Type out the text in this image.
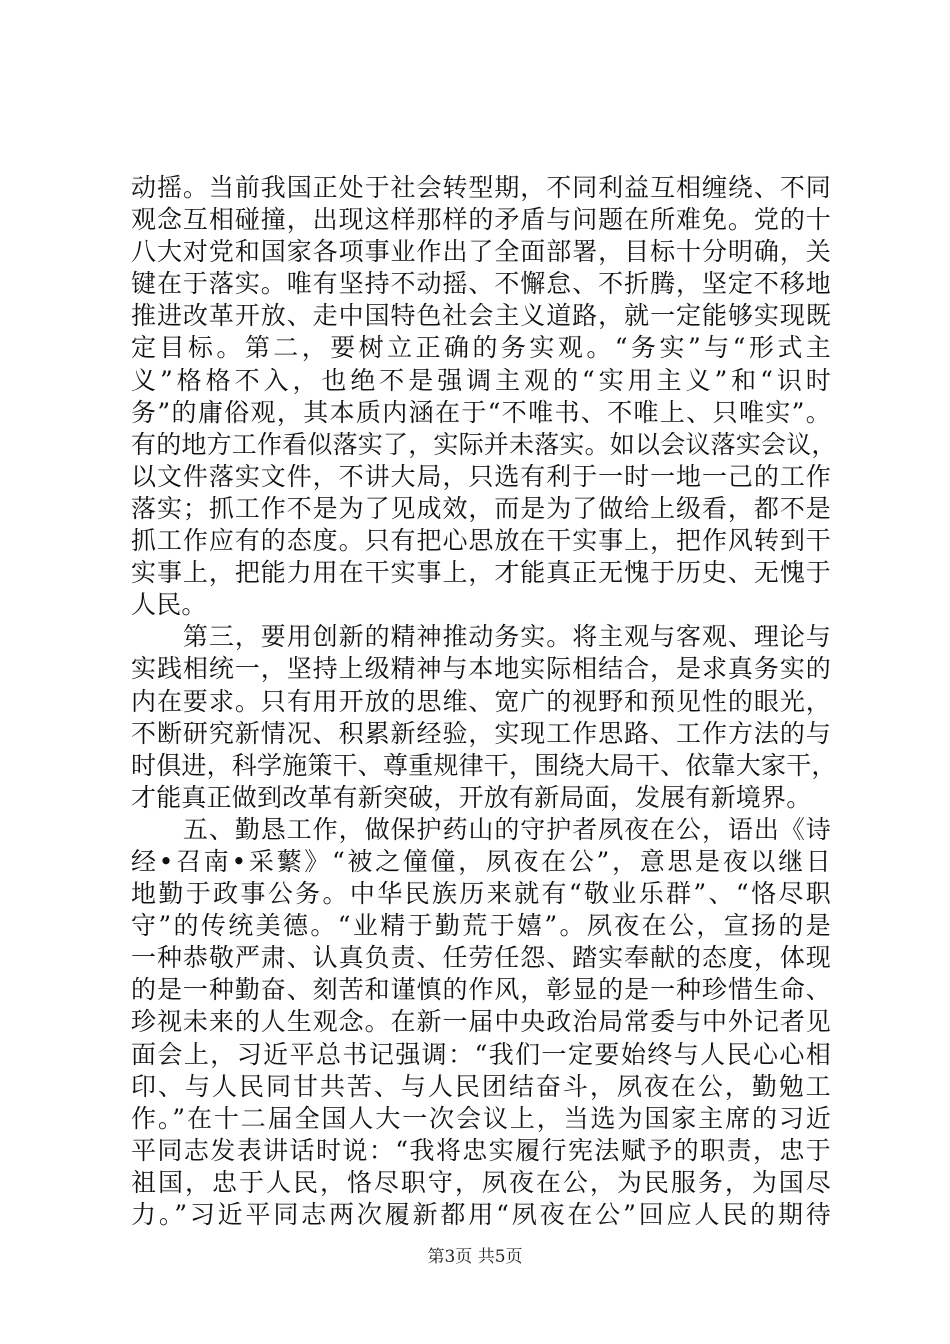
动摇。当前我国正处于社会转型期，不同利益互相缠绕、不同
观念互相碰撞，出现这样那样的矛盾与问题在所难免。党的十
八大对党和国家各项事业作出了全面部署，目标十分明确，关
键在于落实。唯有坚持不动摇、不懈怠、不折腾，坚定不移地
推进改革开放、走中国特色社会主义道路，就一定能够实现既
定目标。第二，要树立正确的务实观。“务实”与“形式主
义”格格不入，也绝不是强调主观的“实用主义”和“识时
务”的庸俗观，其本质内涵在于“不唯书、不唯上、只唯实”。
有的地方工作看似落实了，实际并未落实。如以会议落实会议，
以文件落实文件，不讲大局，只选有利于一时一地一己的工作
落实；抓工作不是为了见成效，而是为了做给上级看，都不是
抓工作应有的态度。只有把心思放在干实事上，把作风转到干
实事上，把能力用在干实事上，才能真正无愧于历史、无愧于
人民。
　　第三，要用创新的精神推动务实。将主观与客观、理论与
实践相统一，坚持上级精神与本地实际相结合，是求真务实的
内在要求。只有用开放的思维、宽广的视野和预见性的眼光，
不断研究新情况、积累新经验，实现工作思路、工作方法的与
时俱进，科学施策干、尊重规律干，围绕大局干、依靠大家干，
才能真正做到改革有新突破，开放有新局面，发展有新境界。
　　五、勤恳工作，做保护药山的守护者夙夜在公，语出《诗
经•召南•采蘩》“被之僮僮，夙夜在公”，意思是夜以继日
地勤于政事公务。中华民族历来就有“敬业乐群”、“恪尽职
守”的传统美德。“业精于勤荒于嬉”。夙夜在公，宣扬的是
一种恭敬严肃、认真负责、任劳任怨、踏实奉献的态度，体现
的是一种勤奋、刻苦和谨慎的作风，彰显的是一种珍惜生命、
珍视未来的人生观念。在新一届中央政治局常委与中外记者见
面会上，习近平总书记强调：“我们一定要始终与人民心心相
印、与人民同甘共苦、与人民团结奋斗，夙夜在公，勤勉工
作。”在十二届全国人大一次会议上，当选为国家主席的习近
平同志发表讲话时说：“我将忠实履行宪法赋予的职责，忠于
祖国，忠于人民，恪尽职守，夙夜在公，为民服务，为国尽
力。”习近平同志两次履新都用“夙夜在公”回应人民的期待
第3页 共5页
